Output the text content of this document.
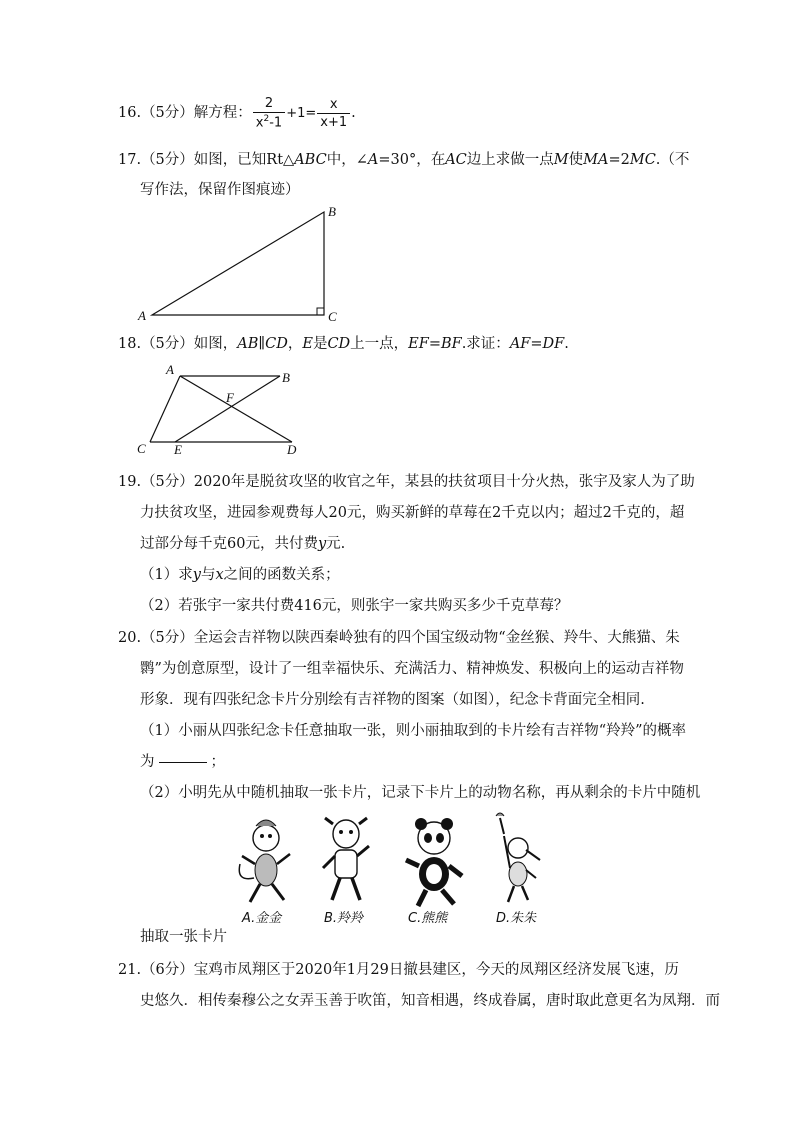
16.（5分）解方程： $\frac{2}{x^2-1} +1= \frac{x}{x+1}$ .
17.（5分）如图，已知Rt△ABC中，∠A=30°，在AC边上求做一点M使MA=2MC.（不
写作法，保留作图痕迹）
A
B
C
18.（5分）如图，AB∥CD，E是CD上一点，EF=BF.求证：AF=DF.
A
B
C	D
E
F
19.（5分）2020年是脱贫攻坚的收官之年，某县的扶贫项目十分火热，张宇及家人为了助
力扶贫攻坚，进园参观费每人20元，购买新鲜的草莓在2千克以内；超过2千克的，超
过部分每千克60元，共付费y元.
（1）求y与x之间的函数关系；
（2）若张宇一家共付费416元，则张宇一家共购买多少千克草莓？
20.（5分）全运会吉祥物以陕西秦岭独有的四个国宝级动物“金丝猴、羚牛、大熊猫、朱
鹮”为创意原型，设计了一组幸福快乐、充满活力、精神焕发、积极向上的运动吉祥物
形象．现有四张纪念卡片分别绘有吉祥物的图案（如图），纪念卡背面完全相同.
（1）小丽从四张纪念卡任意抽取一张，则小丽抽取到的卡片绘有吉祥物“羚羚”的概率
为	；
（2）小明先从中随机抽取一张卡片，记录下卡片上的动物名称，再从剩余的卡片中随机
A.金金	B.羚羚	C.熊熊	D.朱朱
抽取一张卡片
21.（6分）宝鸡市凤翔区于2020年1月29日撤县建区，今天的凤翔区经济发展飞速，历
史悠久．相传秦穆公之女弄玉善于吹笛，知音相遇，终成眷属，唐时取此意更名为凤翔．而
